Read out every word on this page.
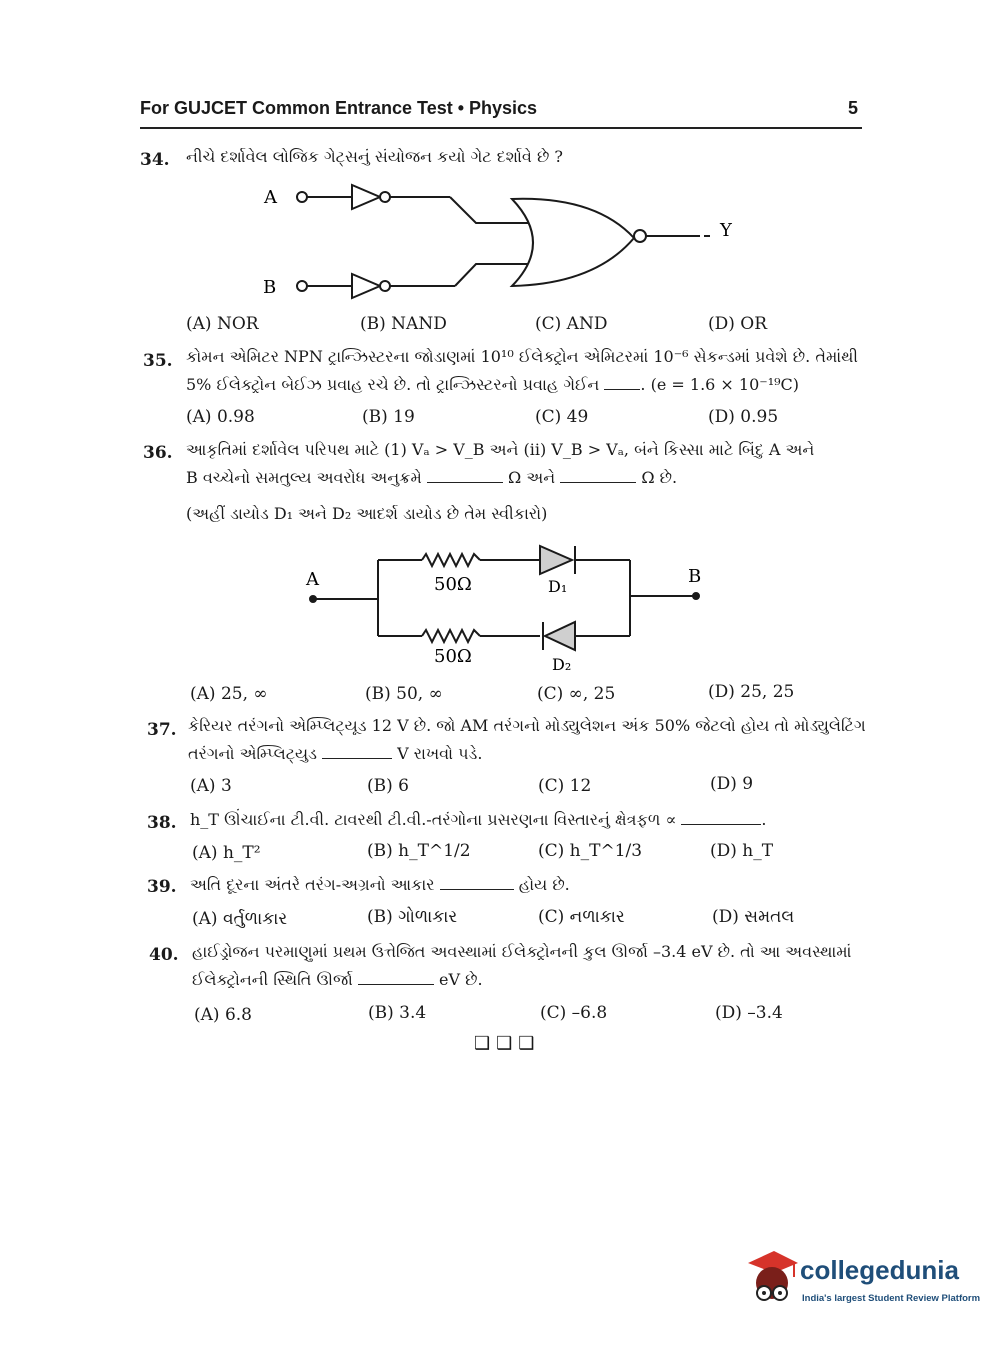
For GUJCET Common Entrance Test • Physics	5
34. નીચે દર્શાવેલ લોજિક ગેટ્સનું સંયોજન કયો ગેટ દર્શાવે છે ?
A
B
Y
(A) NOR	(B) NAND	(C) AND	(D) OR
35. કોમન એમિટર NPN ટ્રાન્ઝિસ્ટરના જોડાણમાં 10¹⁰ ઈલેક્ટ્રોન એમિટરમાં 10⁻⁶ સેકન્ડમાં પ્રવેશે છે. તેમાંથી
5% ઈલેક્ટ્રોન બેઈઝ પ્રવાહ રચે છે. તો ટ્રાન્ઝિસ્ટરનો પ્રવાહ ગેઈન	. (e = 1.6 × 10⁻¹⁹C)
(A) 0.98	(B) 19	(C) 49	(D) 0.95
36. આકૃતિમાં દર્શાવેલ પરિપથ માટે (1) Vₐ > V_B અને (ii) V_B > Vₐ, બંને કિસ્સા માટે બિંદુ A અને
B વચ્ચેનો સમતુલ્ય અવરોધ અનુક્રમે	Ω અને	Ω છે.
(અહીં ડાયોડ D₁ અને D₂ આદર્શ ડાયોડ છે તેમ સ્વીકારો)
A	B
50Ω
50Ω
D₁
D₂
(A) 25, ∞	(B) 50, ∞	(C) ∞, 25	(D) 25, 25
37. કેરિયર તરંગનો એમ્પ્લિટ્યૂડ 12 V છે. જો AM તરંગનો મોડ્યુલેશન અંક 50% જેટલો હોય તો મોડ્યુલેટિંગ
તરંગનો એમ્પ્લિટ્યુડ	V રાખવો પડે.
(A) 3	(B) 6	(C) 12	(D) 9
38. h_T ઊંચાઈના ટી.વી. ટાવરથી ટી.વી.-તરંગોના પ્રસરણના વિસ્તારનું ક્ષેત્રફળ ∝	.
(A) h_T²	(B) h_T^1/2	(C) h_T^1/3	(D) h_T
39. અતિ દૂરના અંતરે તરંગ-અગ્રનો આકાર	હોય છે.
(A) વર્તુળાકાર	(B) ગોળાકાર	(C) નળાકાર	(D) સમતલ
40. હાઈડ્રોજન પરમાણુમાં પ્રથમ ઉત્તેજિત અવસ્થામાં ઈલેક્ટ્રોનની કુલ ઊર્જા –3.4 eV છે. તો આ અવસ્થામાં
ઈલેક્ટ્રોનની સ્થિતિ ઊર્જા	eV છે.
(A) 6.8	(B) 3.4	(C) –6.8	(D) –3.4
❑❑❑
collegedunia
India's largest Student Review Platform
